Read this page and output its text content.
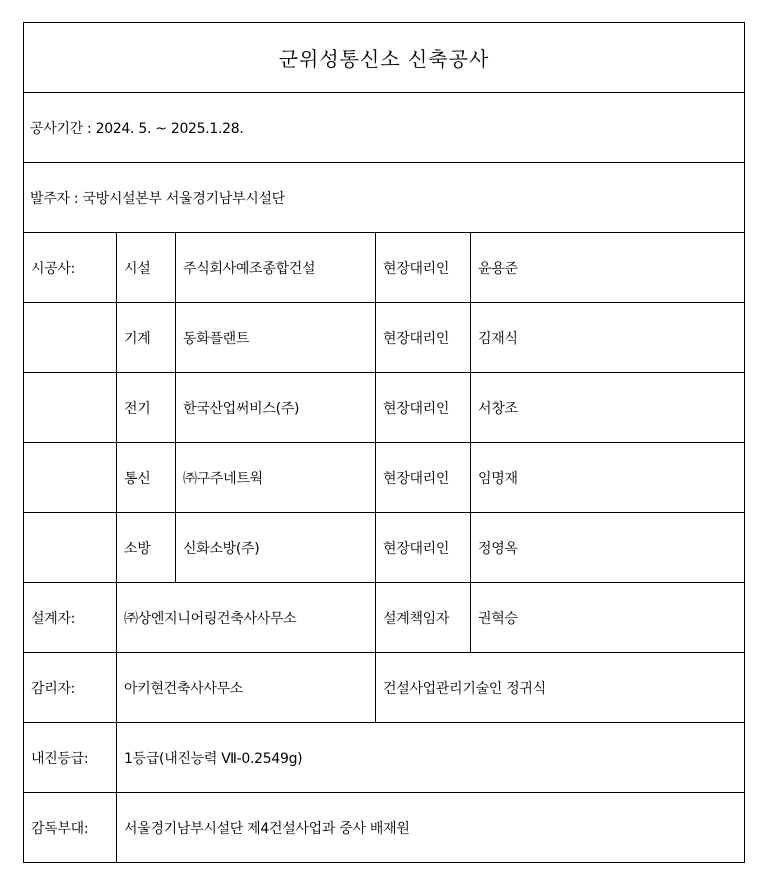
군위성통신소 신축공사				
공사기간 : 2024. 5. ~ 2025.1.28.				
발주자 : 국방시설본부 서울경기남부시설단				
시공사:	시설	주식회사예조종합건설	현장대리인	윤용준
	기계	동화플랜트	현장대리인	김재식
	전기	한국산업써비스(주)	현장대리인	서창조
	통신	㈜구주네트웍	현장대리인	임명재
	소방	신화소방(주)	현장대리인	정영옥
설계자:	㈜상엔지니어링건축사사무소		설계책임자	권혁승
감리자:	아키현건축사사무소		건설사업관리기술인 정귀식	
내진등급:	1등급(내진능력 Ⅶ-0.2549g)			
감독부대:	서울경기남부시설단 제4건설사업과 중사 배재원			
